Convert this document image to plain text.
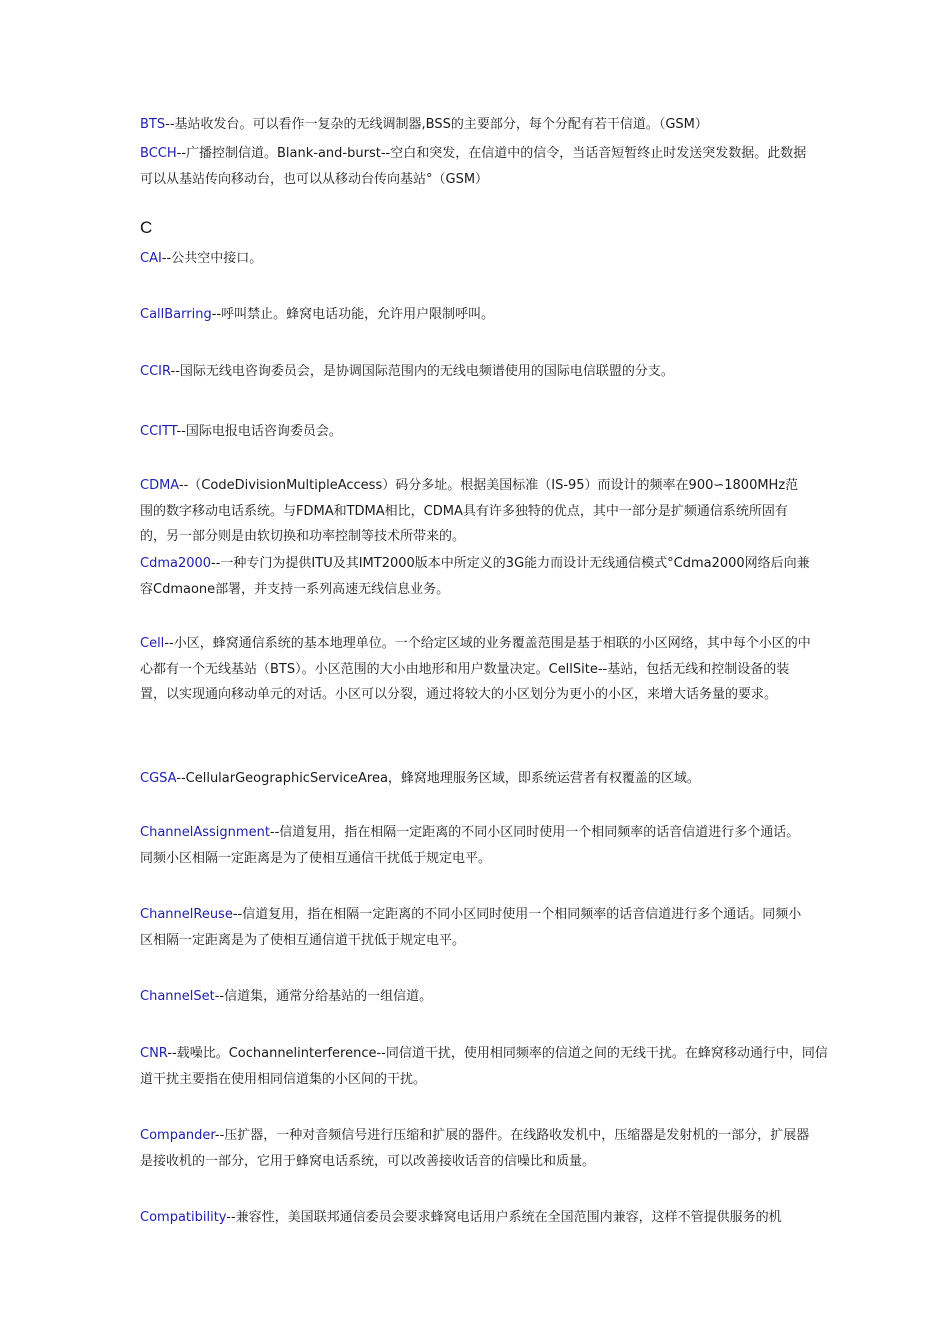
BTS--基站收发台。可以看作一复杂的无线调制器,BSS的主要部分，每个分配有若干信道。（GSM）
BCCH--广播控制信道。Blank-and-burst--空白和突发，在信道中的信令，当话音短暂终止时发送突发数据。此数据可以从基站传向移动台，也可以从移动台传向基站°（GSM）
C
CAI--公共空中接口。
CallBarring--呼叫禁止。蜂窝电话功能，允许用户限制呼叫。
CCIR--国际无线电咨询委员会，是协调国际范围内的无线电频谱使用的国际电信联盟的分支。
CCITT--国际电报电话咨询委员会。
CDMA--（CodeDivisionMultipleAccess）码分多址。根据美国标准（IS-95）而设计的频率在900∽1800MHz范围的数字移动电话系统。与FDMA和TDMA相比，CDMA具有许多独特的优点，其中一部分是扩频通信系统所固有的，另一部分则是由软切换和功率控制等技术所带来的。
Cdma2000--一种专门为提供ITU及其IMT2000版本中所定义的3G能力而设计无线通信模式°Cdma2000网络后向兼容Cdmaone部署，并支持一系列高速无线信息业务。
Cell--小区，蜂窝通信系统的基本地理单位。一个给定区域的业务覆盖范围是基于相联的小区网络，其中每个小区的中心都有一个无线基站（BTS）。小区范围的大小由地形和用户数量决定。CellSite--基站，包括无线和控制设备的装置，以实现通向移动单元的对话。小区可以分裂，通过将较大的小区划分为更小的小区，来增大话务量的要求。
CGSA--CellularGeographicServiceArea，蜂窝地理服务区域，即系统运营者有权覆盖的区域。
ChannelAssignment--信道复用，指在相隔一定距离的不同小区同时使用一个相同频率的话音信道进行多个通话。同频小区相隔一定距离是为了使相互通信干扰低于规定电平。
ChannelReuse--信道复用，指在相隔一定距离的不同小区同时使用一个相同频率的话音信道进行多个通话。同频小区相隔一定距离是为了使相互通信道干扰低于规定电平。
ChannelSet--信道集，通常分给基站的一组信道。
CNR--载噪比。Cochannelinterference--同信道干扰，使用相同频率的信道之间的无线干扰。在蜂窝移动通行中，同信道干扰主要指在使用相同信道集的小区间的干扰。
Compander--压扩器，一种对音频信号进行压缩和扩展的器件。在线路收发机中，压缩器是发射机的一部分，扩展器是接收机的一部分，它用于蜂窝电话系统，可以改善接收话音的信噪比和质量。
Compatibility--兼容性，美国联邦通信委员会要求蜂窝电话用户系统在全国范围内兼容，这样不管提供服务的机
